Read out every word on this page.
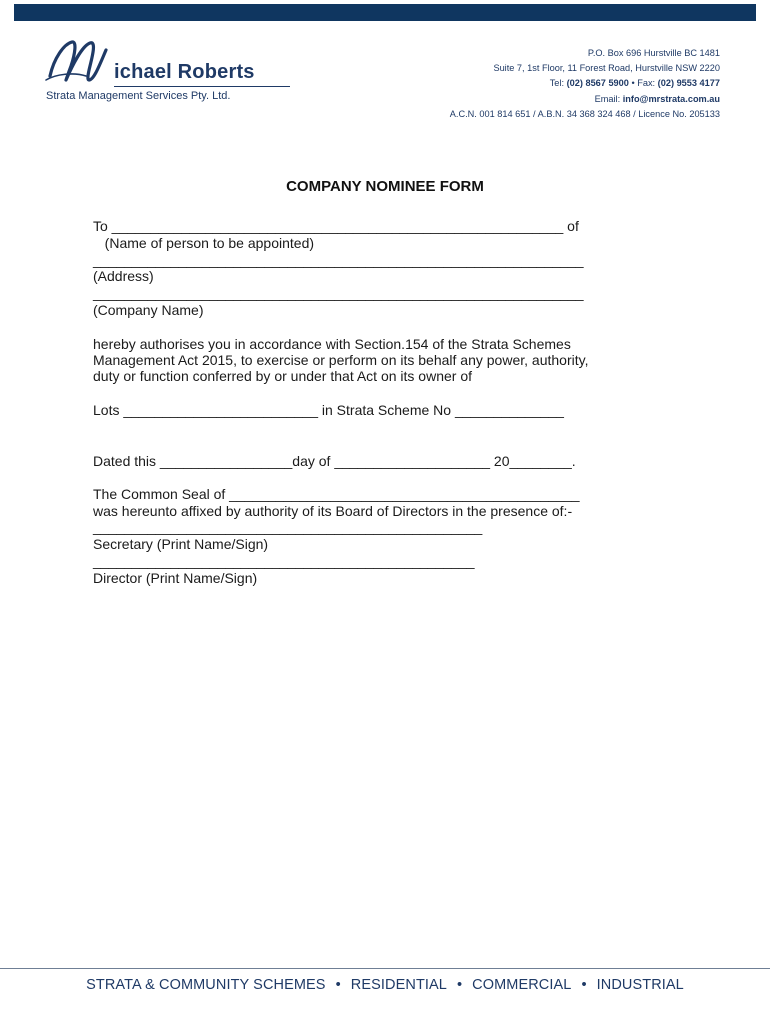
ichael Roberts
Strata Management Services Pty. Ltd.
P.O. Box 696 Hurstville BC 1481
Suite 7, 1st Floor, 11 Forest Road, Hurstville NSW 2220
Tel: (02) 8567 5900 • Fax: (02) 9553 4177
Email: info@mrstrata.com.au
A.C.N. 001 814 651 / A.B.N. 34 368 324 468 / Licence No. 205133
COMPANY NOMINEE FORM
To __________________________________________________________ of
(Name of person to be appointed)
_______________________________________________________________
(Address)
_______________________________________________________________
(Company Name)
hereby authorises you in accordance with Section.154 of the Strata Schemes
Management Act 2015, to exercise or perform on its behalf any power, authority,
duty or function conferred by or under that Act on its owner of
Lots _________________________ in Strata Scheme No ______________
Dated this _________________day of ____________________ 20________.
The Common Seal of _____________________________________________
was hereunto affixed by authority of its Board of Directors in the presence of:-
__________________________________________________
Secretary (Print Name/Sign)
_________________________________________________
Director (Print Name/Sign)
STRATA & COMMUNITY SCHEMES • RESIDENTIAL • COMMERCIAL • INDUSTRIAL
